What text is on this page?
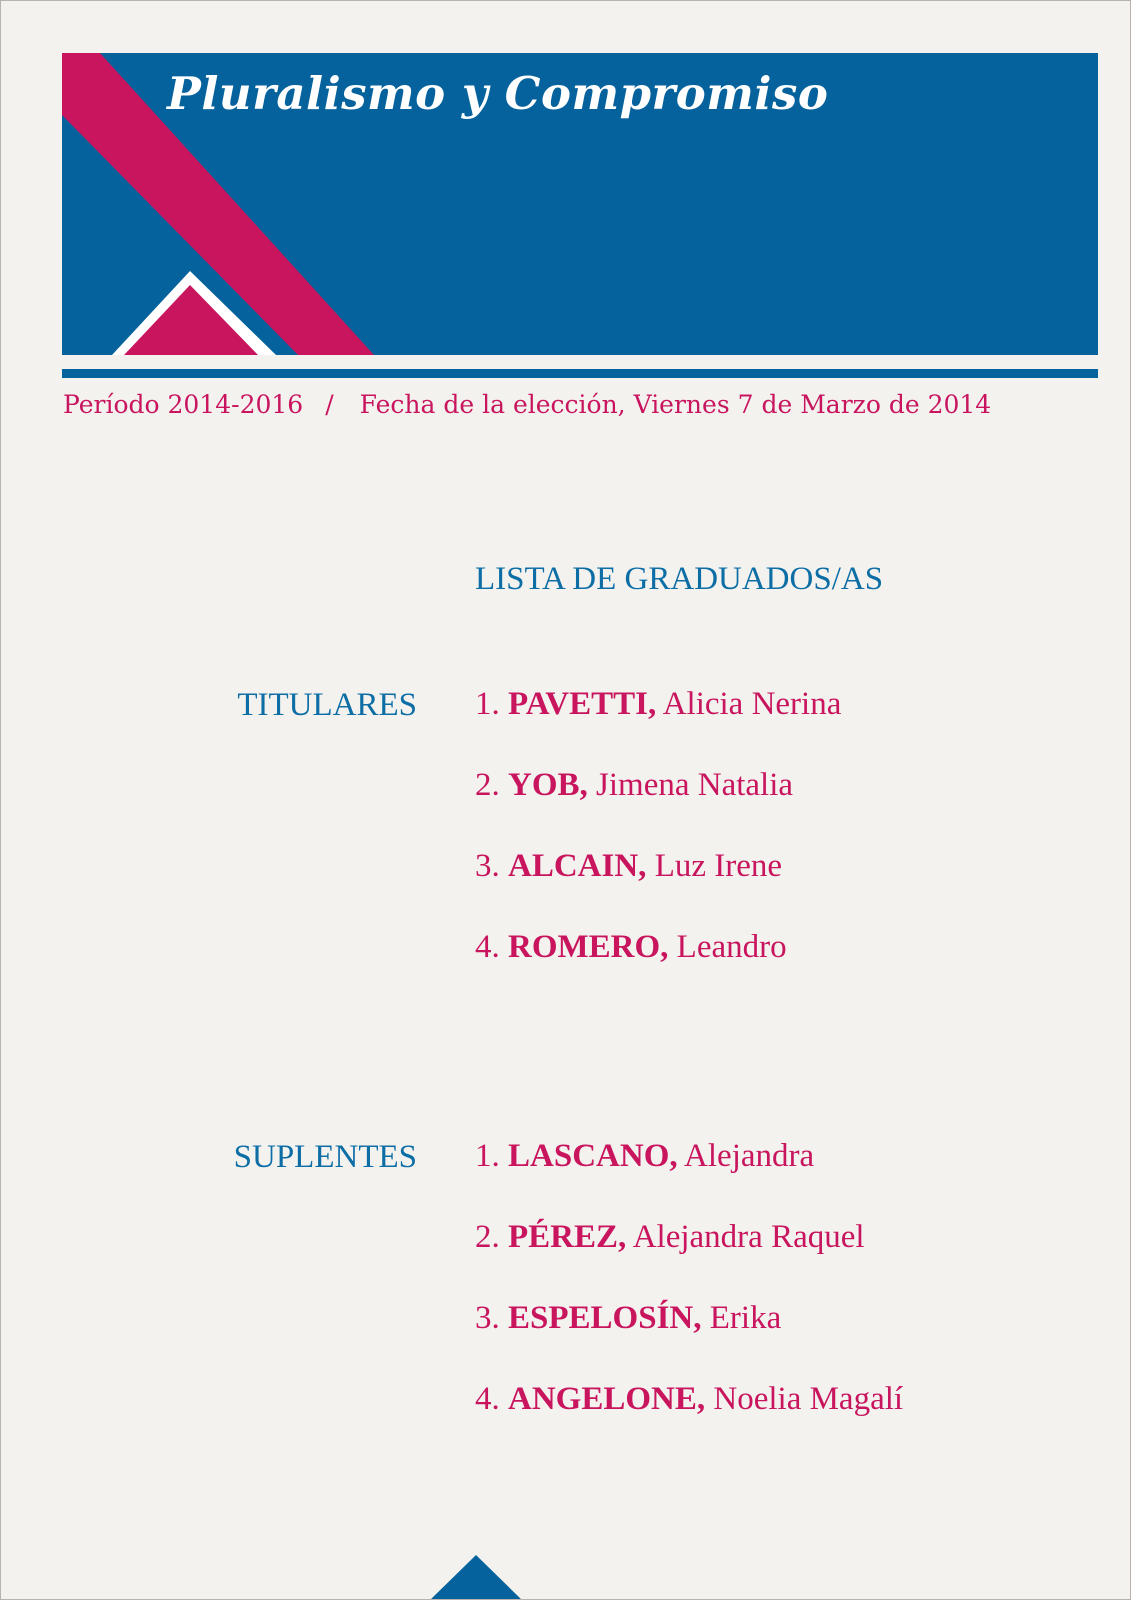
Pluralismo y Compromiso
Período 2014-2016 / Fecha de la elección, Viernes 7 de Marzo de 2014
LISTA DE GRADUADOS/AS
TITULARES 1. PAVETTI, Alicia Nerina
2. YOB, Jimena Natalia
3. ALCAIN, Luz Irene
4. ROMERO, Leandro
SUPLENTES 1. LASCANO, Alejandra
2. PÉREZ, Alejandra Raquel
3. ESPELOSÍN, Erika
4. ANGELONE, Noelia Magalí
